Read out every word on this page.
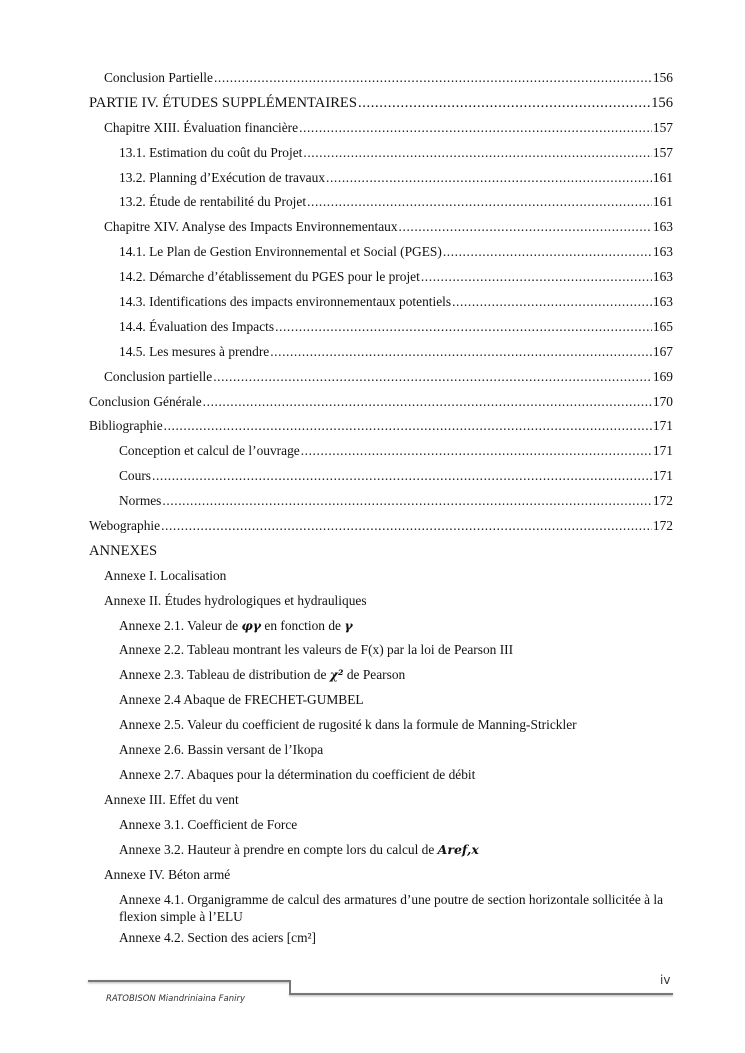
Conclusion Partielle .....	156
PARTIE IV. ÉTUDES SUPPLÉMENTAIRES .....	156
Chapitre XIII. Évaluation financière .....	157
13.1. Estimation du coût du Projet .....	157
13.2. Planning d’Exécution de travaux .....	161
13.2. Étude de rentabilité du Projet .....	161
Chapitre XIV. Analyse des Impacts Environnementaux .....	163
14.1. Le Plan de Gestion Environnemental et Social (PGES) .....	163
14.2. Démarche d’établissement du PGES pour le projet .....	163
14.3. Identifications des impacts environnementaux potentiels .....	163
14.4. Évaluation des Impacts .....	165
14.5. Les mesures à prendre .....	167
Conclusion partielle .....	169
Conclusion Générale .....	170
Bibliographie .....	171
Conception et calcul de l’ouvrage .....	171
Cours .....	171
Normes .....	172
Webographie .....	172
ANNEXES
Annexe I. Localisation
Annexe II. Études hydrologiques et hydrauliques
Annexe 2.1. Valeur de φγ en fonction de γ
Annexe 2.2. Tableau montrant les valeurs de F(x) par la loi de Pearson III
Annexe 2.3. Tableau de distribution de χ² de Pearson
Annexe 2.4 Abaque de FRECHET-GUMBEL
Annexe 2.5. Valeur du coefficient de rugosité k dans la formule de Manning-Strickler
Annexe 2.6. Bassin versant de l’Ikopa
Annexe 2.7. Abaques pour la détermination du coefficient de débit
Annexe III. Effet du vent
Annexe 3.1. Coefficient de Force
Annexe 3.2. Hauteur à prendre en compte lors du calcul de Aref,x
Annexe IV. Béton armé
Annexe 4.1. Organigramme de calcul des armatures d’une poutre de section horizontale sollicitée à la flexion simple à l’ELU
Annexe 4.2. Section des aciers [cm²]
RATOBISON Miandriniaina Faniry
iv
